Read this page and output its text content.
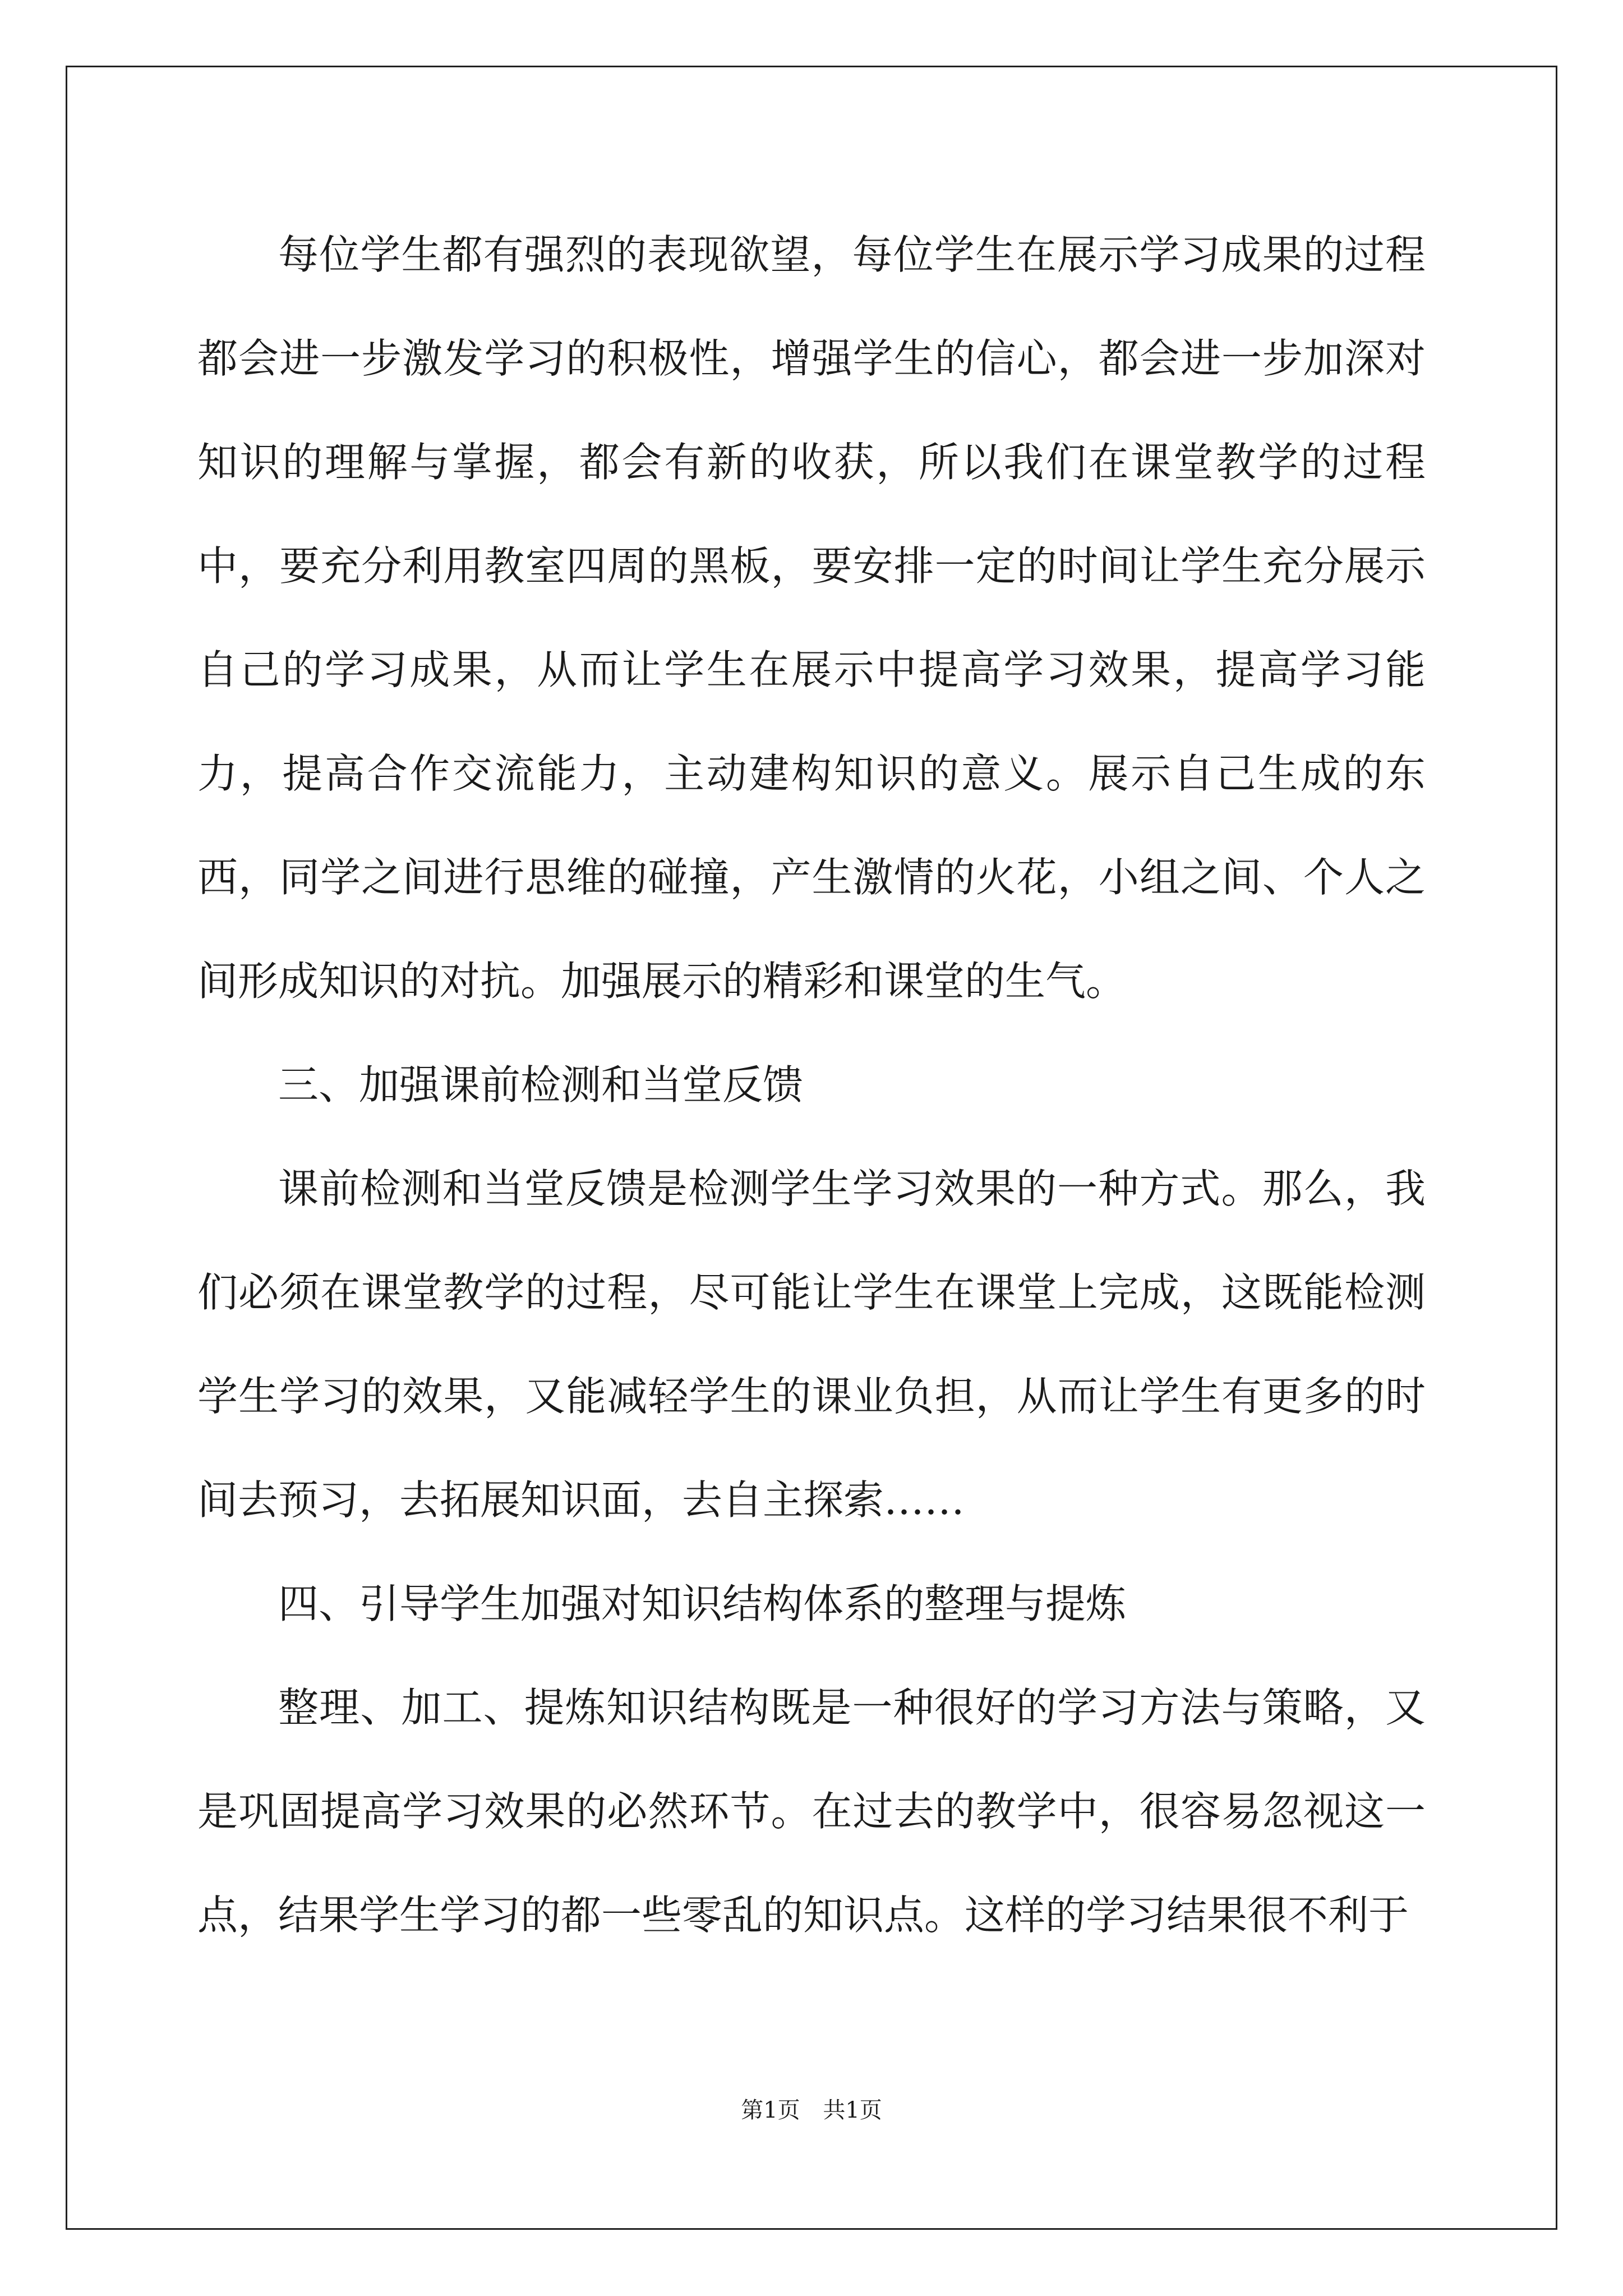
每位学生都有强烈的表现欲望，每位学生在展示学习成果的过程都会进一步激发学习的积极性，增强学生的信心，都会进一步加深对知识的理解与掌握，都会有新的收获，所以我们在课堂教学的过程中，要充分利用教室四周的黑板，要安排一定的时间让学生充分展示自己的学习成果，从而让学生在展示中提高学习效果，提高学习能力，提高合作交流能力，主动建构知识的意义。展示自己生成的东西，同学之间进行思维的碰撞，产生激情的火花，小组之间、个人之间形成知识的对抗。加强展示的精彩和课堂的生气。

三、加强课前检测和当堂反馈

课前检测和当堂反馈是检测学生学习效果的一种方式。那么，我们必须在课堂教学的过程，尽可能让学生在课堂上完成，这既能检测学生学习的效果，又能减轻学生的课业负担，从而让学生有更多的时间去预习，去拓展知识面，去自主探索……

四、引导学生加强对知识结构体系的整理与提炼

整理、加工、提炼知识结构既是一种很好的学习方法与策略，又是巩固提高学习效果的必然环节。在过去的教学中，很容易忽视这一点，结果学生学习的都一些零乱的知识点。这样的学习结果很不利于

第1页 共1页
